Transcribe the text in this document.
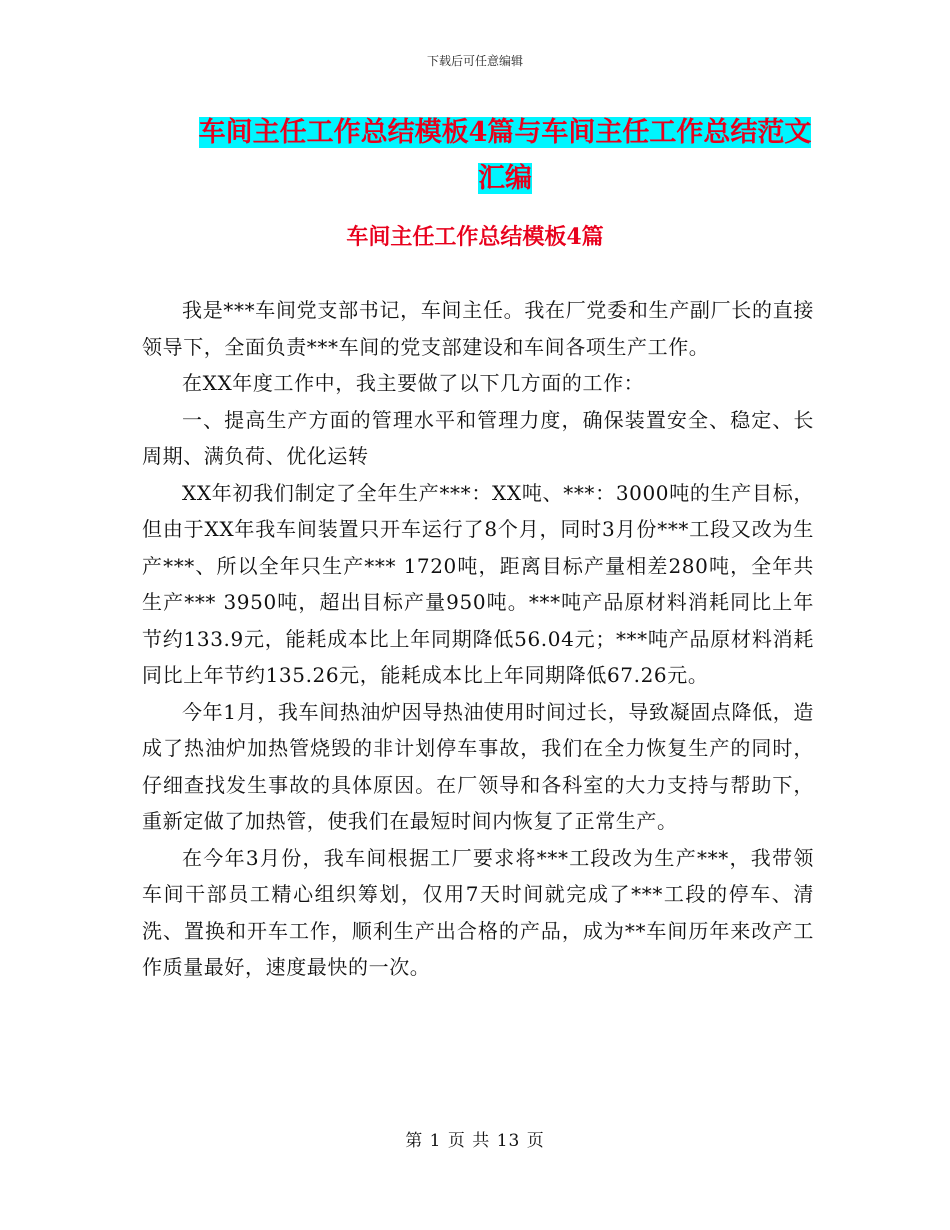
下载后可任意编辑
车间主任工作总结模板4篇与车间主任工作总结范文
汇编
车间主任工作总结模板4篇

我是***车间党支部书记，车间主任。我在厂党委和生产副厂长的直接领导下，全面负责***车间的党支部建设和车间各项生产工作。

在XX年度工作中，我主要做了以下几方面的工作：

一、提高生产方面的管理水平和管理力度，确保装置安全、稳定、长周期、满负荷、优化运转

XX年初我们制定了全年生产***：XX吨、***：3000吨的生产目标，但由于XX年我车间装置只开车运行了8个月，同时3月份***工段又改为生产***、所以全年只生产*** 1720吨，距离目标产量相差280吨，全年共生产*** 3950吨，超出目标产量950吨。***吨产品原材料消耗同比上年节约133.9元，能耗成本比上年同期降低56.04元；***吨产品原材料消耗同比上年节约135.26元，能耗成本比上年同期降低67.26元。

今年1月，我车间热油炉因导热油使用时间过长，导致凝固点降低，造成了热油炉加热管烧毁的非计划停车事故，我们在全力恢复生产的同时，仔细查找发生事故的具体原因。在厂领导和各科室的大力支持与帮助下，重新定做了加热管，使我们在最短时间内恢复了正常生产。

在今年3月份，我车间根据工厂要求将***工段改为生产***，我带领车间干部员工精心组织筹划，仅用7天时间就完成了***工段的停车、清洗、置换和开车工作，顺利生产出合格的产品，成为**车间历年来改产工作质量最好，速度最快的一次。

第 1 页 共 13 页
